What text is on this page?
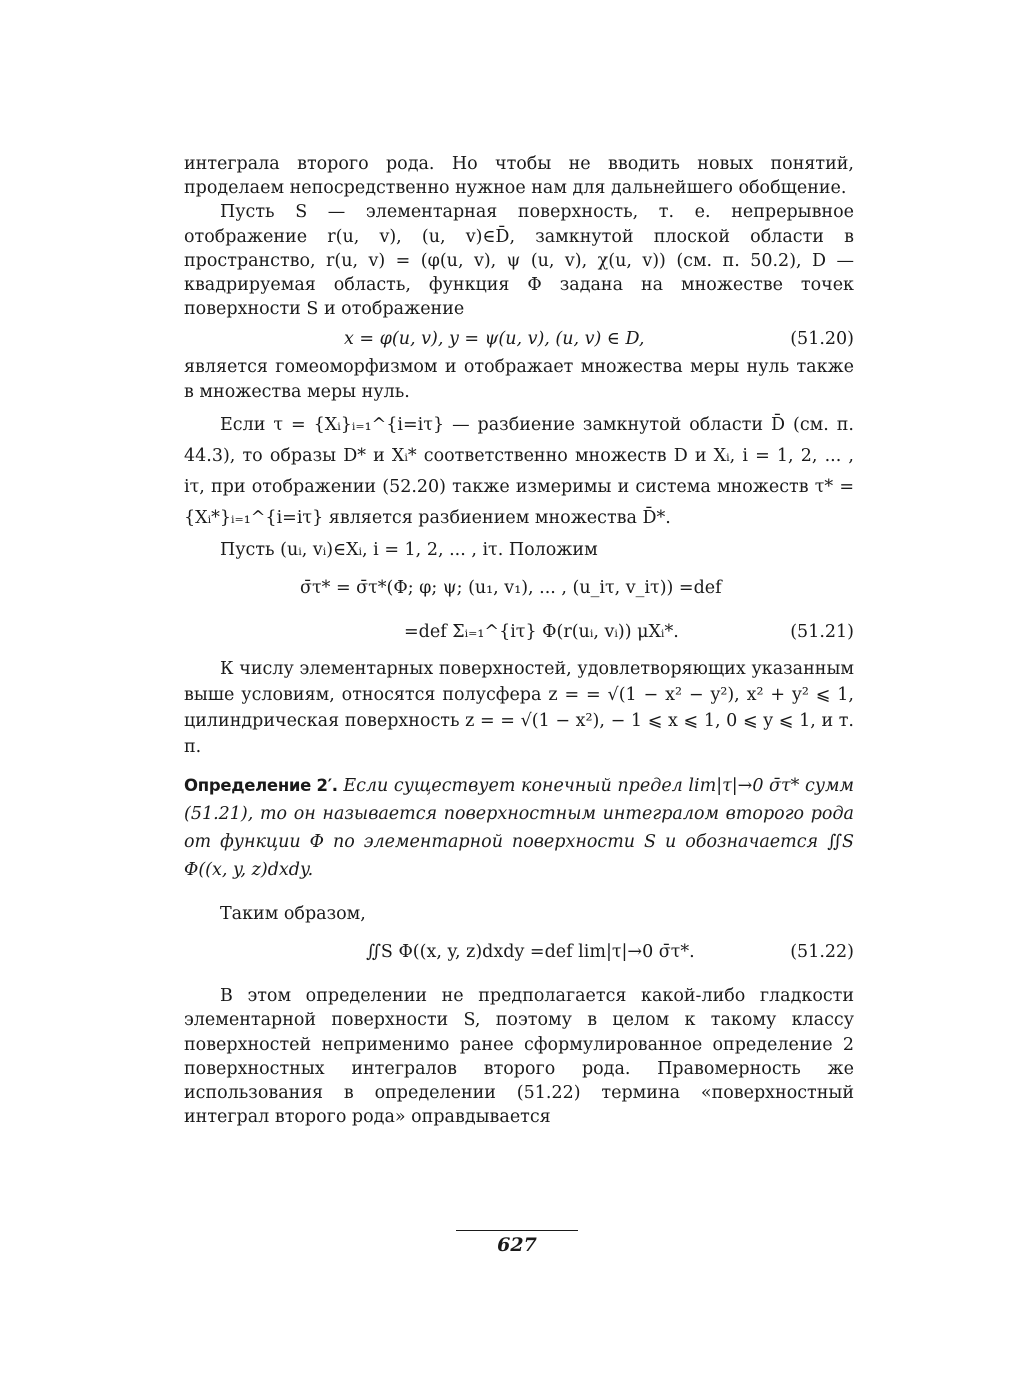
интеграла второго рода. Но чтобы не вводить новых понятий, проделаем непосредственно нужное нам для дальнейшего обобщение.

Пусть S — элементарная поверхность, т. е. непрерывное отображение r(u, v), (u, v)∈D̄, замкнутой плоской области в пространство, r(u, v) = (φ(u, v), ψ (u, v), χ(u, v)) (см. п. 50.2), D — квадрируемая область, функция Φ задана на множестве точек поверхности S и отображение

x = φ(u, v), y = ψ(u, v), (u, v) ∈ D,	(51.20)

является гомеоморфизмом и отображает множества меры нуль также в множества меры нуль.

Если τ = {Xᵢ}ᵢ₌₁^{i=iτ} — разбиение замкнутой области D̄ (см. п. 44.3), то образы D* и Xᵢ* соответственно множеств D и Xᵢ, i = 1, 2, ... , iτ, при отображении (52.20) также измеримы и система множеств τ* = {Xᵢ*}ᵢ₌₁^{i=iτ} является разбиением множества D̄*.

Пусть (uᵢ, vᵢ)∈Xᵢ, i = 1, 2, ... , iτ. Положим

σ̄τ* = σ̄τ*(Φ; φ; ψ; (u₁, v₁), ... , (u_iτ, v_iτ)) =def
=def Σᵢ₌₁^{iτ} Φ(r(uᵢ, vᵢ)) μXᵢ*.	(51.21)

К числу элементарных поверхностей, удовлетворяющих указанным выше условиям, относятся полусфера z = = √(1 − x² − y²), x² + y² ⩽ 1, цилиндрическая поверхность z = = √(1 − x²), − 1 ⩽ x ⩽ 1, 0 ⩽ y ⩽ 1, и т. п.

Определение 2′. Если существует конечный предел lim|τ|→0 σ̄τ* сумм (51.21), то он называется поверхностным интегралом второго рода от функции Φ по элементарной поверхности S и обозначается ∬S Φ((x, y, z)dxdy.

Таким образом,

∬S Φ((x, y, z)dxdy =def lim|τ|→0 σ̄τ*.	(51.22)

В этом определении не предполагается какой-либо гладкости элементарной поверхности S, поэтому в целом к такому классу поверхностей неприменимо ранее сформулированное определение 2 поверхностных интегралов второго рода. Правомерность же использования в определении (51.22) термина «поверхностный интеграл второго рода» оправдывается

627
